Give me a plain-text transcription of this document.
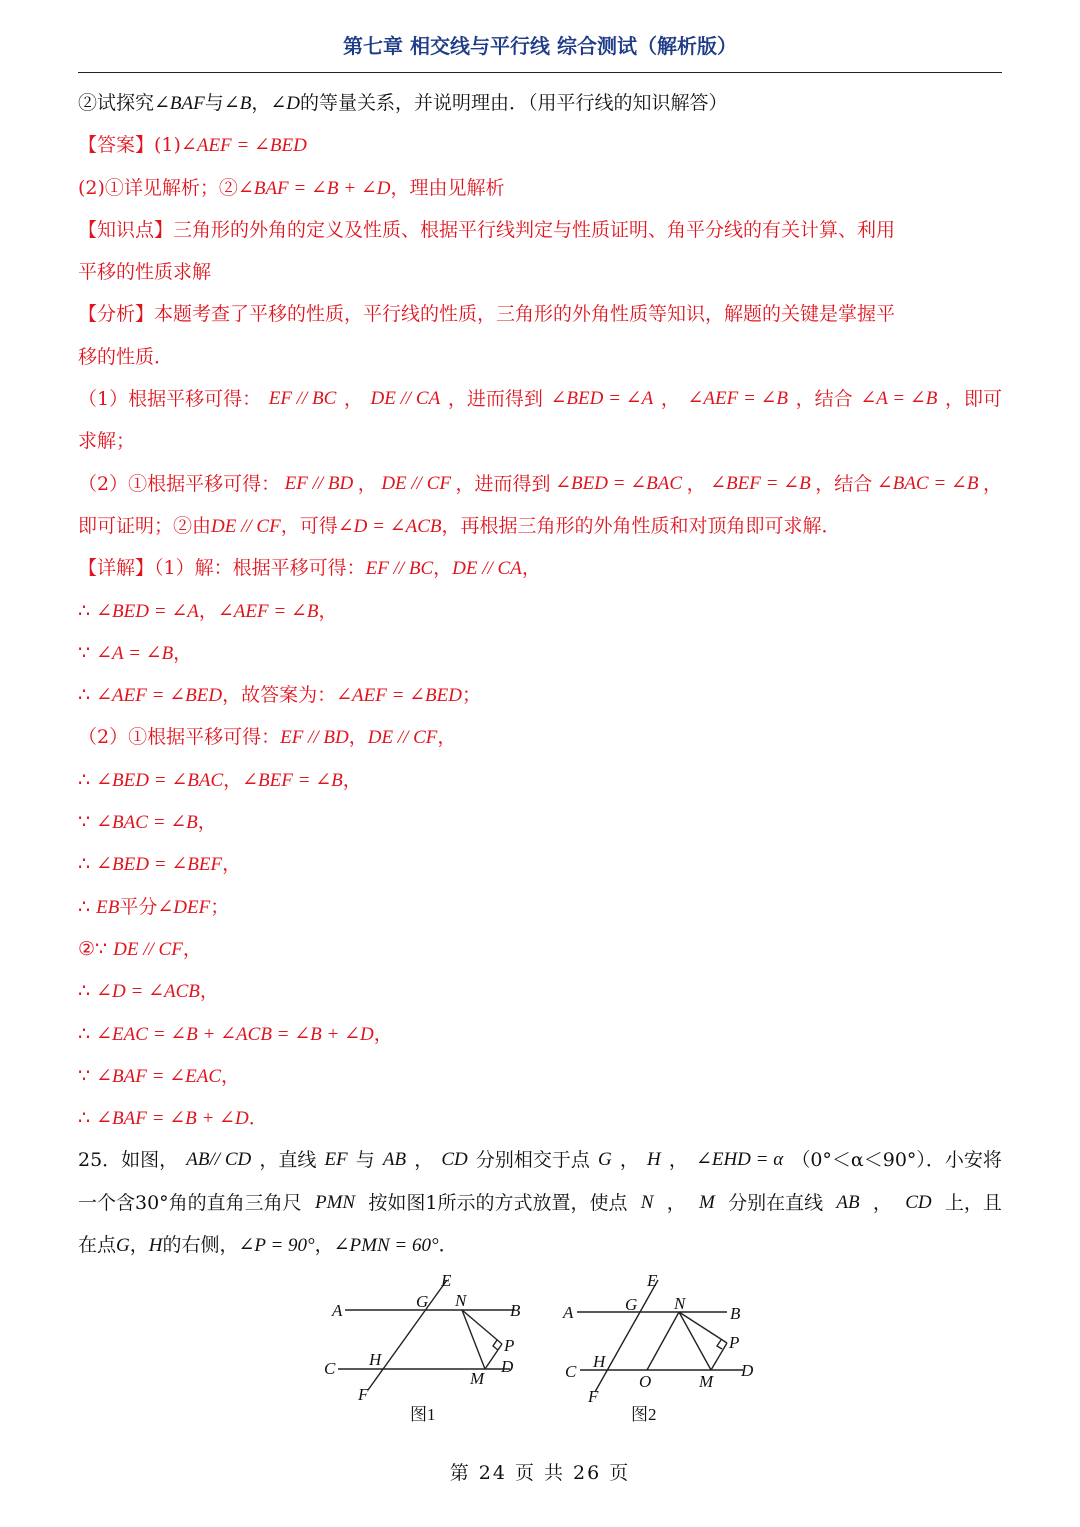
第七章 相交线与平行线 综合测试（解析版）
②试探究∠BAF与∠B，∠D的等量关系，并说明理由．（用平行线的知识解答）
【答案】(1)∠AEF = ∠BED
(2)①详见解析；②∠BAF = ∠B + ∠D，理由见解析
【知识点】三角形的外角的定义及性质、根据平行线判定与性质证明、角平分线的有关计算、利用
平移的性质求解
【分析】本题考查了平移的性质，平行线的性质，三角形的外角性质等知识，解题的关键是掌握平
移的性质．
（1）根据平移可得： EF // BC ， DE // CA ，进而得到 ∠BED = ∠A ， ∠AEF = ∠B ，结合 ∠A = ∠B ，即可
求解；
（2）①根据平移可得： EF // BD ， DE // CF ，进而得到 ∠BED = ∠BAC ， ∠BEF = ∠B ，结合 ∠BAC = ∠B ，
即可证明；②由DE // CF，可得∠D = ∠ACB，再根据三角形的外角性质和对顶角即可求解．
【详解】（1）解：根据平移可得：EF // BC，DE // CA，
∴ ∠BED = ∠A，∠AEF = ∠B，
∵ ∠A = ∠B，
∴ ∠AEF = ∠BED，故答案为：∠AEF = ∠BED；
（2）①根据平移可得：EF // BD，DE // CF，
∴ ∠BED = ∠BAC，∠BEF = ∠B，
∵ ∠BAC = ∠B，
∴ ∠BED = ∠BEF，
∴ EB平分∠DEF；
②∵ DE // CF，
∴ ∠D = ∠ACB，
∴ ∠EAC = ∠B + ∠ACB = ∠B + ∠D，
∵ ∠BAF = ∠EAC，
∴ ∠BAF = ∠B + ∠D．
25．如图， AB// CD ，直线 EF 与 AB ， CD 分别相交于点 G ， H ， ∠EHD = α （0°＜α＜90°）．小安将
一个含30°角的直角三角尺 PMN 按如图1所示的方式放置，使点 N ， M 分别在直线 AB ， CD 上，且
在点G，H的右侧，∠P = 90°，∠PMN = 60°．
A	B
C	D
E
F
G
H
N
M
P
图1
A	B
C	D
E
F
G
H
N
M
P
O
图2
第 24 页 共 26 页
